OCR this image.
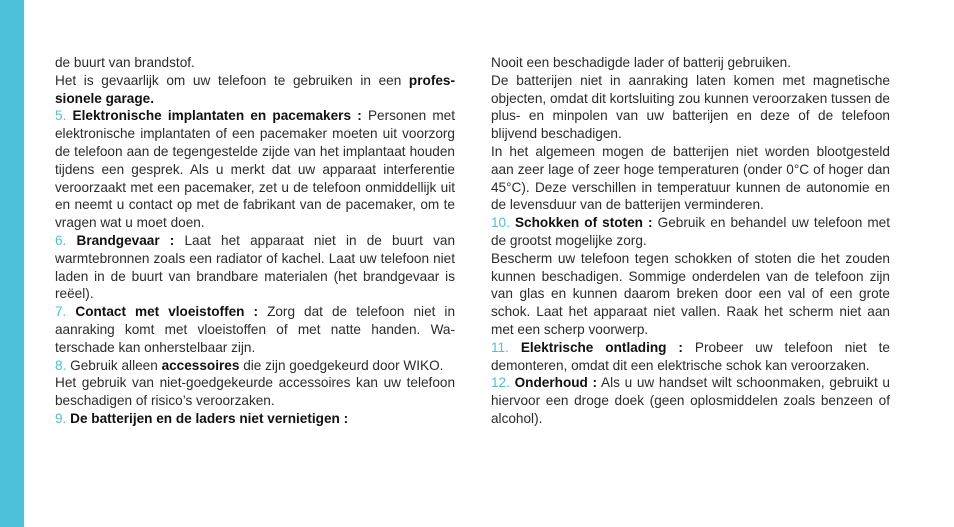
de buurt van brandstof.

Het is gevaarlijk om uw telefoon te gebruiken in een professionele garage.

5. Elektronische implantaten en pacemakers : Personen met elektronische implantaten of een pacemaker moeten uit voorzorg de telefoon aan de tegengestelde zijde van het implantaat houden tijdens een gesprek. Als u merkt dat uw apparaat interferentie veroorzaakt met een pacemaker, zet u de telefoon onmiddellijk uit en neemt u contact op met de fabrikant van de pacemaker, om te vragen wat u moet doen.

6. Brandgevaar : Laat het apparaat niet in de buurt van warmtebronnen zoals een radiator of kachel. Laat uw telefoon niet laden in de buurt van brandbare materialen (het brandgevaar is reëel).

7. Contact met vloeistoffen : Zorg dat de telefoon niet in aanraking komt met vloeistoffen of met natte handen. Waterschade kan onherstelbaar zijn.

8. Gebruik alleen accessoires die zijn goedgekeurd door WIKO.

Het gebruik van niet-goedgekeurde accessoires kan uw telefoon beschadigen of risico’s veroorzaken.

9. De batterijen en de laders niet vernietigen :

Nooit een beschadigde lader of batterij gebruiken.

De batterijen niet in aanraking laten komen met magnetische objecten, omdat dit kortsluiting zou kunnen veroorzaken tussen de plus- en minpolen van uw batterijen en deze of de telefoon blijvend beschadigen.

In het algemeen mogen de batterijen niet worden blootgesteld aan zeer lage of zeer hoge temperaturen (onder 0°C of hoger dan 45°C). Deze verschillen in temperatuur kunnen de autonomie en de levensduur van de batterijen verminderen.

10. Schokken of stoten : Gebruik en behandel uw telefoon met de grootst mogelijke zorg.

Bescherm uw telefoon tegen schokken of stoten die het zouden kunnen beschadigen. Sommige onderdelen van de telefoon zijn van glas en kunnen daarom breken door een val of een grote schok. Laat het apparaat niet vallen. Raak het scherm niet aan met een scherp voorwerp.

11. Elektrische ontlading : Probeer uw telefoon niet te demonteren, omdat dit een elektrische schok kan veroorzaken.

12. Onderhoud : Als u uw handset wilt schoonmaken, gebruikt u hiervoor een droge doek (geen oplosmiddelen zoals benzeen of alcohol).
